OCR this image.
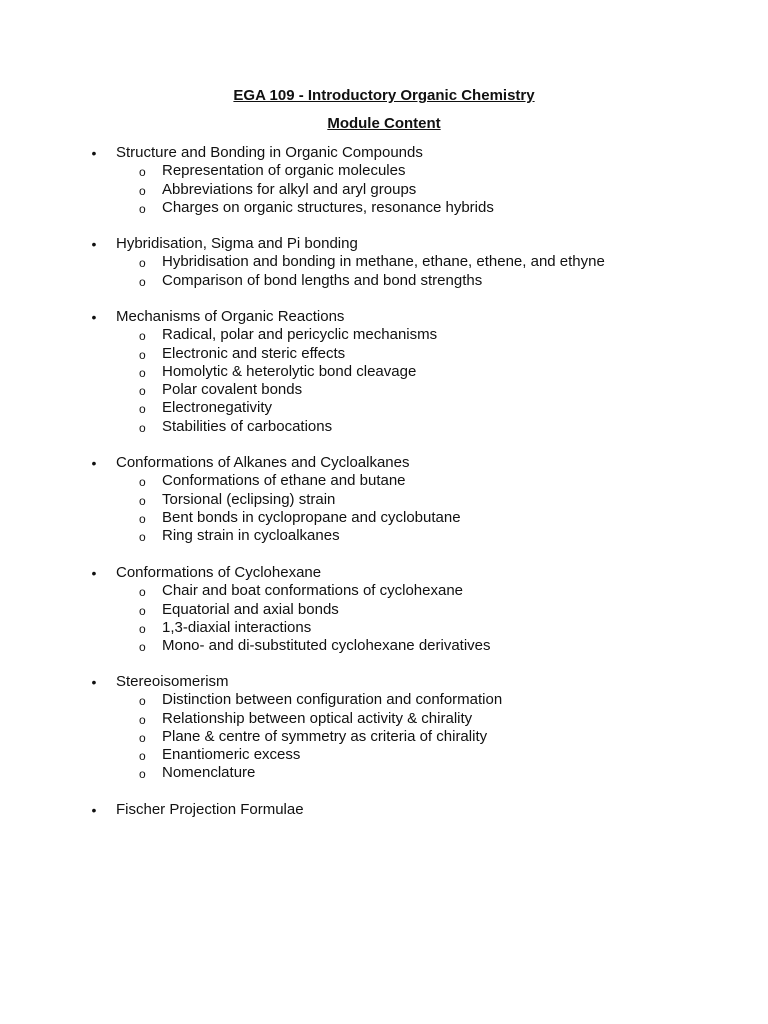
EGA 109 - Introductory Organic Chemistry
Module Content
• Structure and Bonding in Organic Compounds
o Representation of organic molecules
o Abbreviations for alkyl and aryl groups
o Charges on organic structures, resonance hybrids
• Hybridisation, Sigma and Pi bonding
o Hybridisation and bonding in methane, ethane, ethene, and ethyne
o Comparison of bond lengths and bond strengths
• Mechanisms of Organic Reactions
o Radical, polar and pericyclic mechanisms
o Electronic and steric effects
o Homolytic & heterolytic bond cleavage
o Polar covalent bonds
o Electronegativity
o Stabilities of carbocations
• Conformations of Alkanes and Cycloalkanes
o Conformations of ethane and butane
o Torsional (eclipsing) strain
o Bent bonds in cyclopropane and cyclobutane
o Ring strain in cycloalkanes
• Conformations of Cyclohexane
o Chair and boat conformations of cyclohexane
o Equatorial and axial bonds
o 1,3-diaxial interactions
o Mono- and di-substituted cyclohexane derivatives
• Stereoisomerism
o Distinction between configuration and conformation
o Relationship between optical activity & chirality
o Plane & centre of symmetry as criteria of chirality
o Enantiomeric excess
o Nomenclature
• Fischer Projection Formulae
